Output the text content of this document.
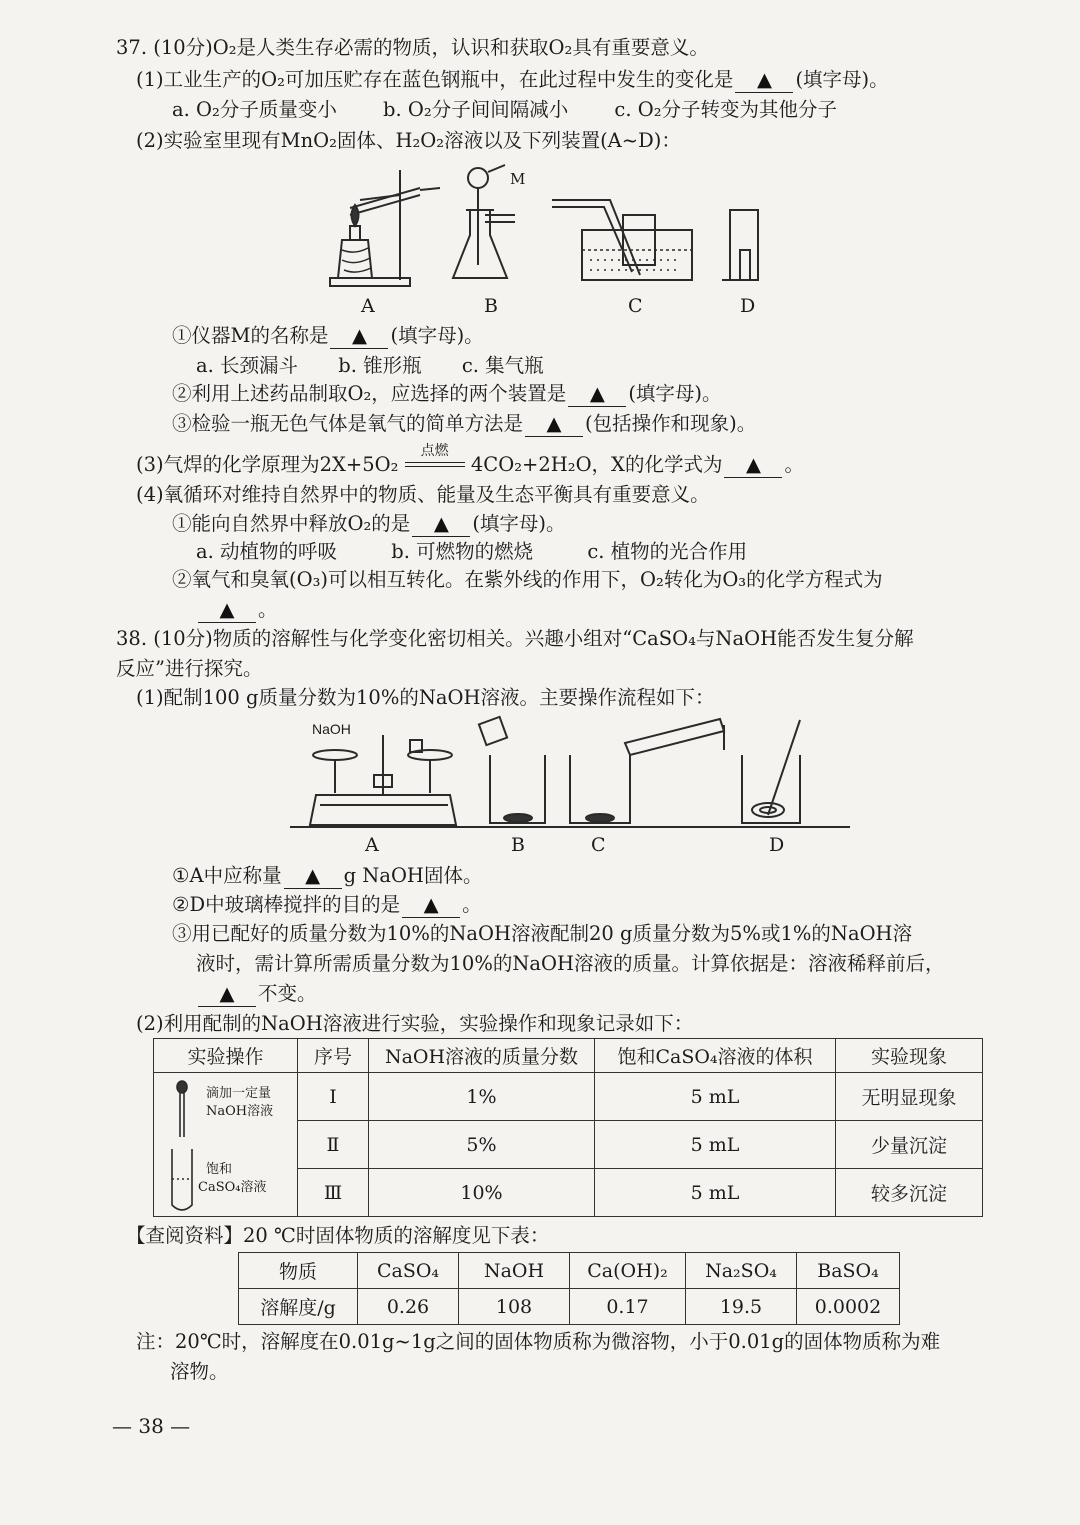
37. (10分)O₂是人类生存必需的物质，认识和获取O₂具有重要意义。
(1)工业生产的O₂可加压贮存在蓝色钢瓶中，在此过程中发生的变化是 ▲ (填字母)。
a. O₂分子质量变小 b. O₂分子间间隔减小 c. O₂分子转变为其他分子
(2)实验室里现有MnO₂固体、H₂O₂溶液以及下列装置(A~D)：
A	B	C	D
M
①仪器M的名称是 ▲ (填字母)。
a. 长颈漏斗 b. 锥形瓶 c. 集气瓶
②利用上述药品制取O₂，应选择的两个装置是 ▲ (填字母)。
③检验一瓶无色气体是氧气的简单方法是 ▲ (包括操作和现象)。
(3)气焊的化学原理为2X+5O₂
点燃
4CO₂+2H₂O，X的化学式为 ▲ 。
(4)氧循环对维持自然界中的物质、能量及生态平衡具有重要意义。
①能向自然界中释放O₂的是 ▲ (填字母)。
a. 动植物的呼吸	b. 可燃物的燃烧	c. 植物的光合作用
②氧气和臭氧(O₃)可以相互转化。在紫外线的作用下，O₂转化为O₃的化学方程式为
▲ 。
38. (10分)物质的溶解性与化学变化密切相关。兴趣小组对“CaSO₄与NaOH能否发生复分解
反应”进行探究。
(1)配制100 g质量分数为10%的NaOH溶液。主要操作流程如下：
NaOH
A	B	C	D
①A中应称量 ▲ g NaOH固体。
②D中玻璃棒搅拌的目的是 ▲ 。
③用已配好的质量分数为10%的NaOH溶液配制20 g质量分数为5%或1%的NaOH溶
液时，需计算所需质量分数为10%的NaOH溶液的质量。计算依据是：溶液稀释前后，
▲ 不变。
(2)利用配制的NaOH溶液进行实验，实验操作和现象记录如下：
实验操作	序号	NaOH溶液的质量分数	饱和CaSO₄溶液的体积	实验现象

滴加一定量
NaOH溶液
饱和
CaSO₄溶液	Ⅰ	1%	5 mL	无明显现象
	Ⅱ	5%	5 mL	少量沉淀
	Ⅲ	10%	5 mL	较多沉淀
【查阅资料】20 ℃时固体物质的溶解度见下表：
物质	CaSO₄	NaOH	Ca(OH)₂	Na₂SO₄	BaSO₄
溶解度/g	0.26	108	0.17	19.5	0.0002
注：20℃时，溶解度在0.01g~1g之间的固体物质称为微溶物，小于0.01g的固体物质称为难
溶物。
— 38 —
